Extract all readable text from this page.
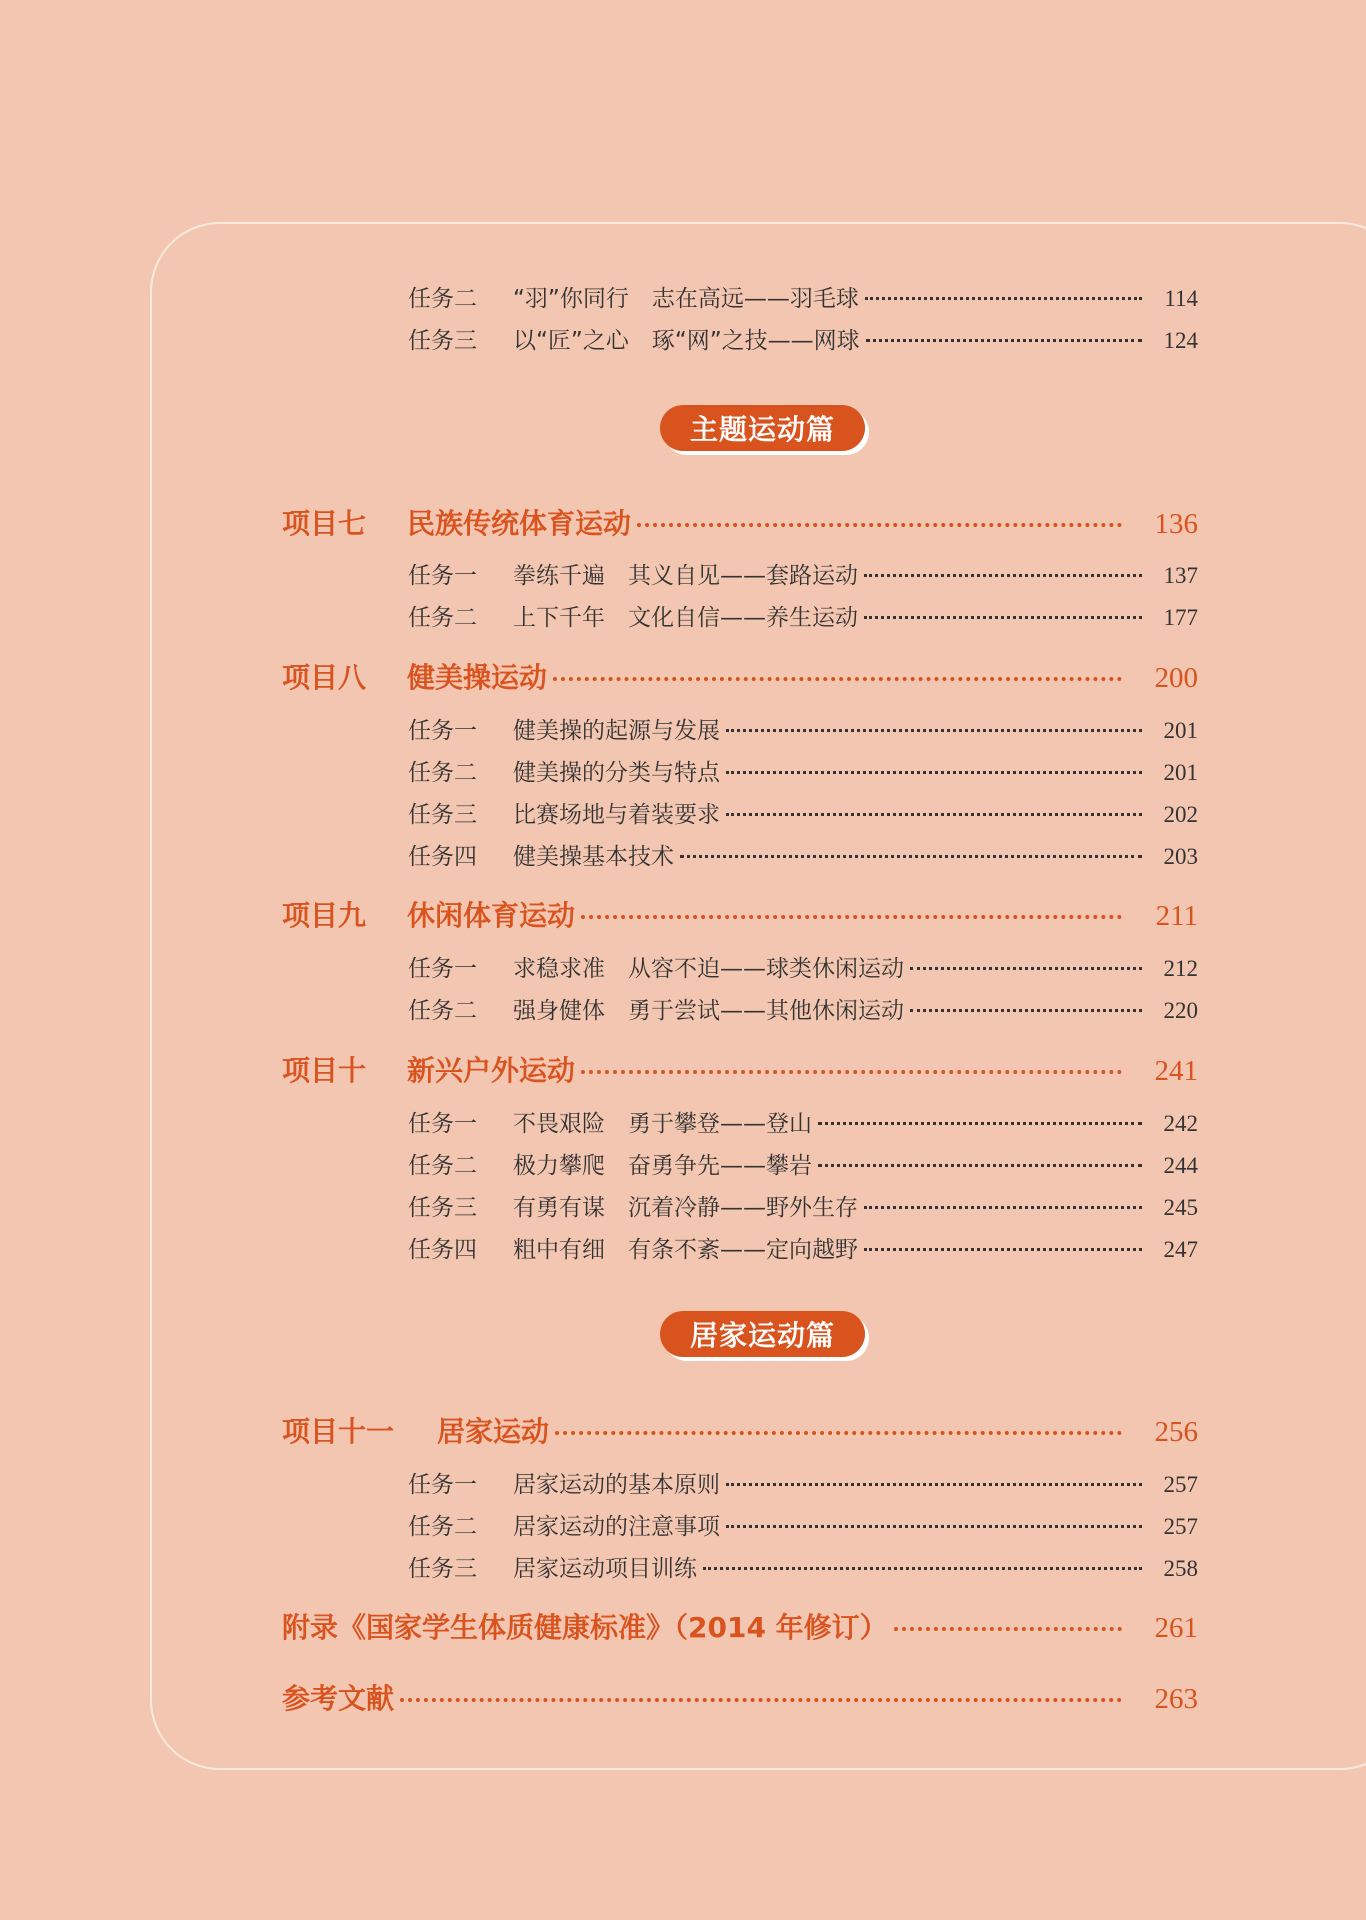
任务二	“羽”你同行　志在高远——羽毛球	114
任务三	以“匠”之心　琢“网”之技——网球	124
主题运动篇
项目七	民族传统体育运动	136
任务一	拳练千遍　其义自见——套路运动	137
任务二	上下千年　文化自信——养生运动	177
项目八	健美操运动	200
任务一	健美操的起源与发展	201
任务二	健美操的分类与特点	201
任务三	比赛场地与着装要求	202
任务四	健美操基本技术	203
项目九	休闲体育运动	211
任务一	求稳求准　从容不迫——球类休闲运动	212
任务二	强身健体　勇于尝试——其他休闲运动	220
项目十	新兴户外运动	241
任务一	不畏艰险　勇于攀登——登山	242
任务二	极力攀爬　奋勇争先——攀岩	244
任务三	有勇有谋　沉着冷静——野外生存	245
任务四	粗中有细　有条不紊——定向越野	247
居家运动篇
项目十一	居家运动	256
任务一	居家运动的基本原则	257
任务二	居家运动的注意事项	257
任务三	居家运动项目训练	258
附录《国家学生体质健康标准》（2014 年修订）	261
参考文献	263
